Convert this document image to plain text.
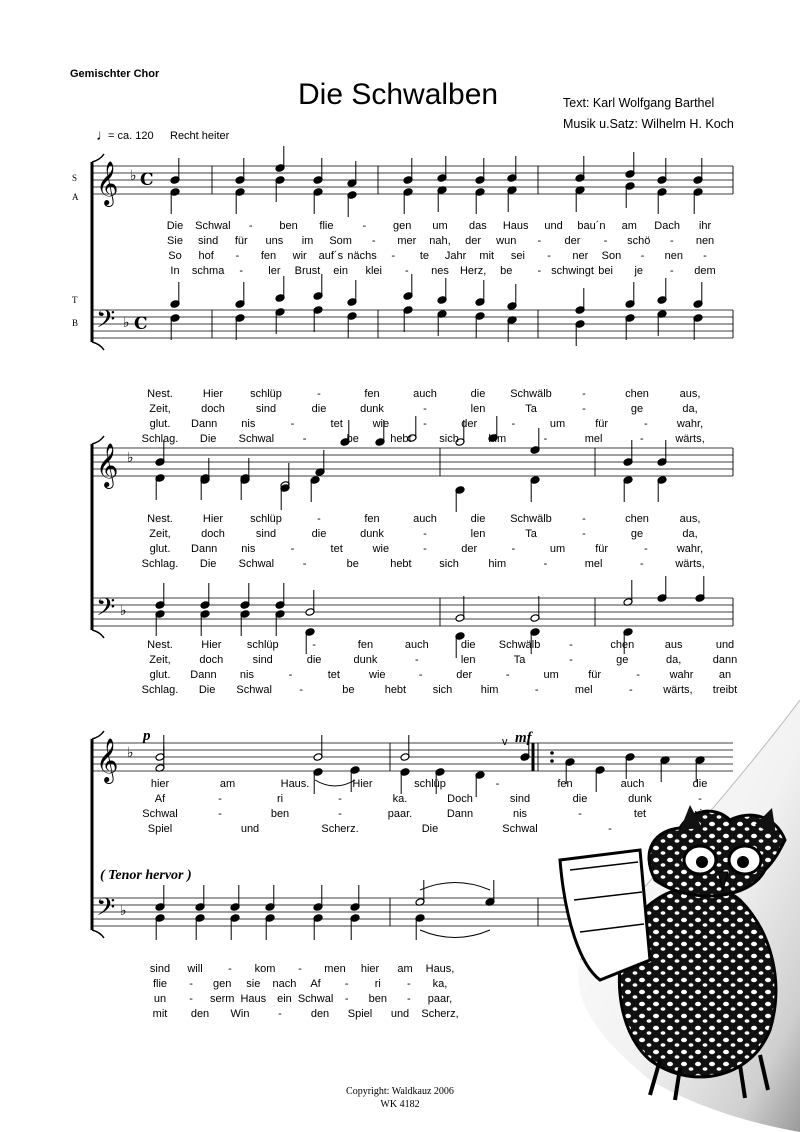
Gemischter Chor
Die Schwalben	Text: Karl Wolfgang Barthel
Musik u.Satz: Wilhelm H. Koch
♩
= ca. 120 Recht heiter
S
A
T
B
𝄞
𝄢
♭
♭
C
C
𝄞
𝄢
♭
♭
𝄞
𝄢
♭
♭
p	mf
v
( Tenor hervor )
Die Schwal - ben flie	- gen um das Haus und bau´n am Dach ihr
Sie sind für uns im Som - mer nah, der wun - der - schö - nen
So hof - fen wir auf´s nächs - te Jahr mit sei - ner Son - nen -
In schma - ler Brust ein klei - nes Herz, be - schwingt bei je - dem
Nest.	Hier schlüp	-	fen	auch	die Schwälb	-	chen	aus,
Zeit,	doch	sind	die	dunk	-	len	Ta	-	ge	da,
glut. Dann nis	-	tet	wie	-	der	-	um	für	-	wahr,
Schlag. Die Schwal	-	be	hebt	sich	him	-	mel	-	wärts,
Nest.	Hier schlüp	-	fen	auch	die Schwälb	-	chen	aus,
Zeit,	doch	sind	die	dunk	-	len	Ta	-	ge	da,
glut. Dann nis	-	tet	wie	-	der	-	um	für	-	wahr,
Schlag. Die Schwal	-	be	hebt	sich	him	-	mel	-	wärts,
Nest.	Hier schlüp	-	fen	auch	die Schwälb	-	chen	aus	und
Zeit,	doch	sind	die	dunk	-	len	Ta	-	ge	da,	dann
glut. Dann nis	-	tet	wie	-	der	-	um	für	-	wahr an
Schlag. Die Schwal	-	be	hebt sich	him	-	mel	-	wärts, treibt
hier	am	Haus.	Hier	schlüp	-	fen	auch	die
Af	-	ri	-	ka.	Doch	sind	die	dunk	-
Schwal	-	ben	-	paar.	Dann	nis	-	tet
Spiel	und	Scherz.	Die	Schwal	-
sind will - kom - men hier am Haus,
flie - gen sie nach Af - ri - ka,
un - serm Haus ein Schwal - ben - paar,
mit den Win	-	den Spiel und Scherz,
Copyright: Waldkauz 2006
WK 4182
